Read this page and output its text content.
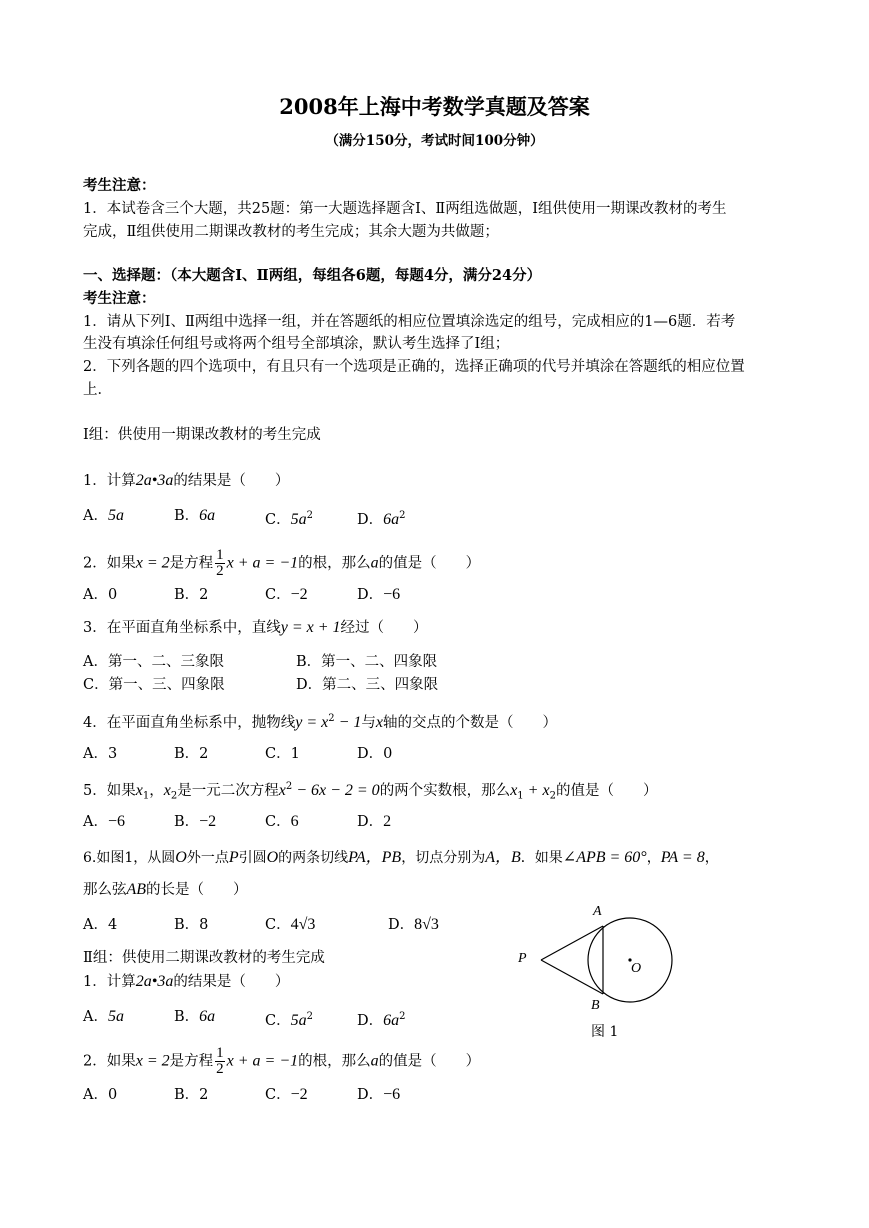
2008年上海中考数学真题及答案
（满分150分，考试时间100分钟）
考生注意：
1．本试卷含三个大题，共25题：第一大题选择题含Ⅰ、Ⅱ两组选做题，Ⅰ组供使用一期课改教材的考生
完成，Ⅱ组供使用二期课改教材的考生完成；其余大题为共做题；
一、选择题：（本大题含Ⅰ、Ⅱ两组，每组各6题，每题4分，满分24分）
考生注意：
1．请从下列Ⅰ、Ⅱ两组中选择一组，并在答题纸的相应位置填涂选定的组号，完成相应的1—6题．若考
生没有填涂任何组号或将两个组号全部填涂，默认考生选择了Ⅰ组；
2．下列各题的四个选项中，有且只有一个选项是正确的，选择正确项的代号并填涂在答题纸的相应位置
上．
Ⅰ组：供使用一期课改教材的考生完成
1．计算2a•3a的结果是（　　）
A．5a	B．6a	C．$5a^2$	D．$6a^2$
2．如果x = 2是方程 $\frac{1}{2}$ x + a = −1的根，那么a的值是（　　）
A．0	B．2	C．−2	D．−6
3．在平面直角坐标系中，直线y = x + 1经过（　　）
A．第一、二、三象限	B．第一、二、四象限
C．第一、三、四象限	D．第二、三、四象限
4．在平面直角坐标系中，抛物线$y = x^2 - 1$与x轴的交点的个数是（　　）
A．3	B．2	C．1	D．0
5．如果$x_1$，$x_2$是一元二次方程$x^2 - 6x - 2 = 0$的两个实数根，那么$x_1 + x_2$的值是（　　）
A．−6	B．−2	C．6	D．2
6.如图1，从圆O外一点P引圆O的两条切线PA，PB，切点分别为A，B．如果∠APB = 60°，PA = 8，
那么弦AB的长是（　　）
A．4	B．8	C．4√3	D．8√3
Ⅱ组：供使用二期课改教材的考生完成
1．计算2a•3a的结果是（　　）
A．5a	B．6a	C．$5a^2$	D．$6a^2$
2．如果x = 2是方程 $\frac{1}{2}$ x + a = −1的根，那么a的值是（　　）
A．0	B．2	C．−2	D．−6
A
B
P
O
图 1
